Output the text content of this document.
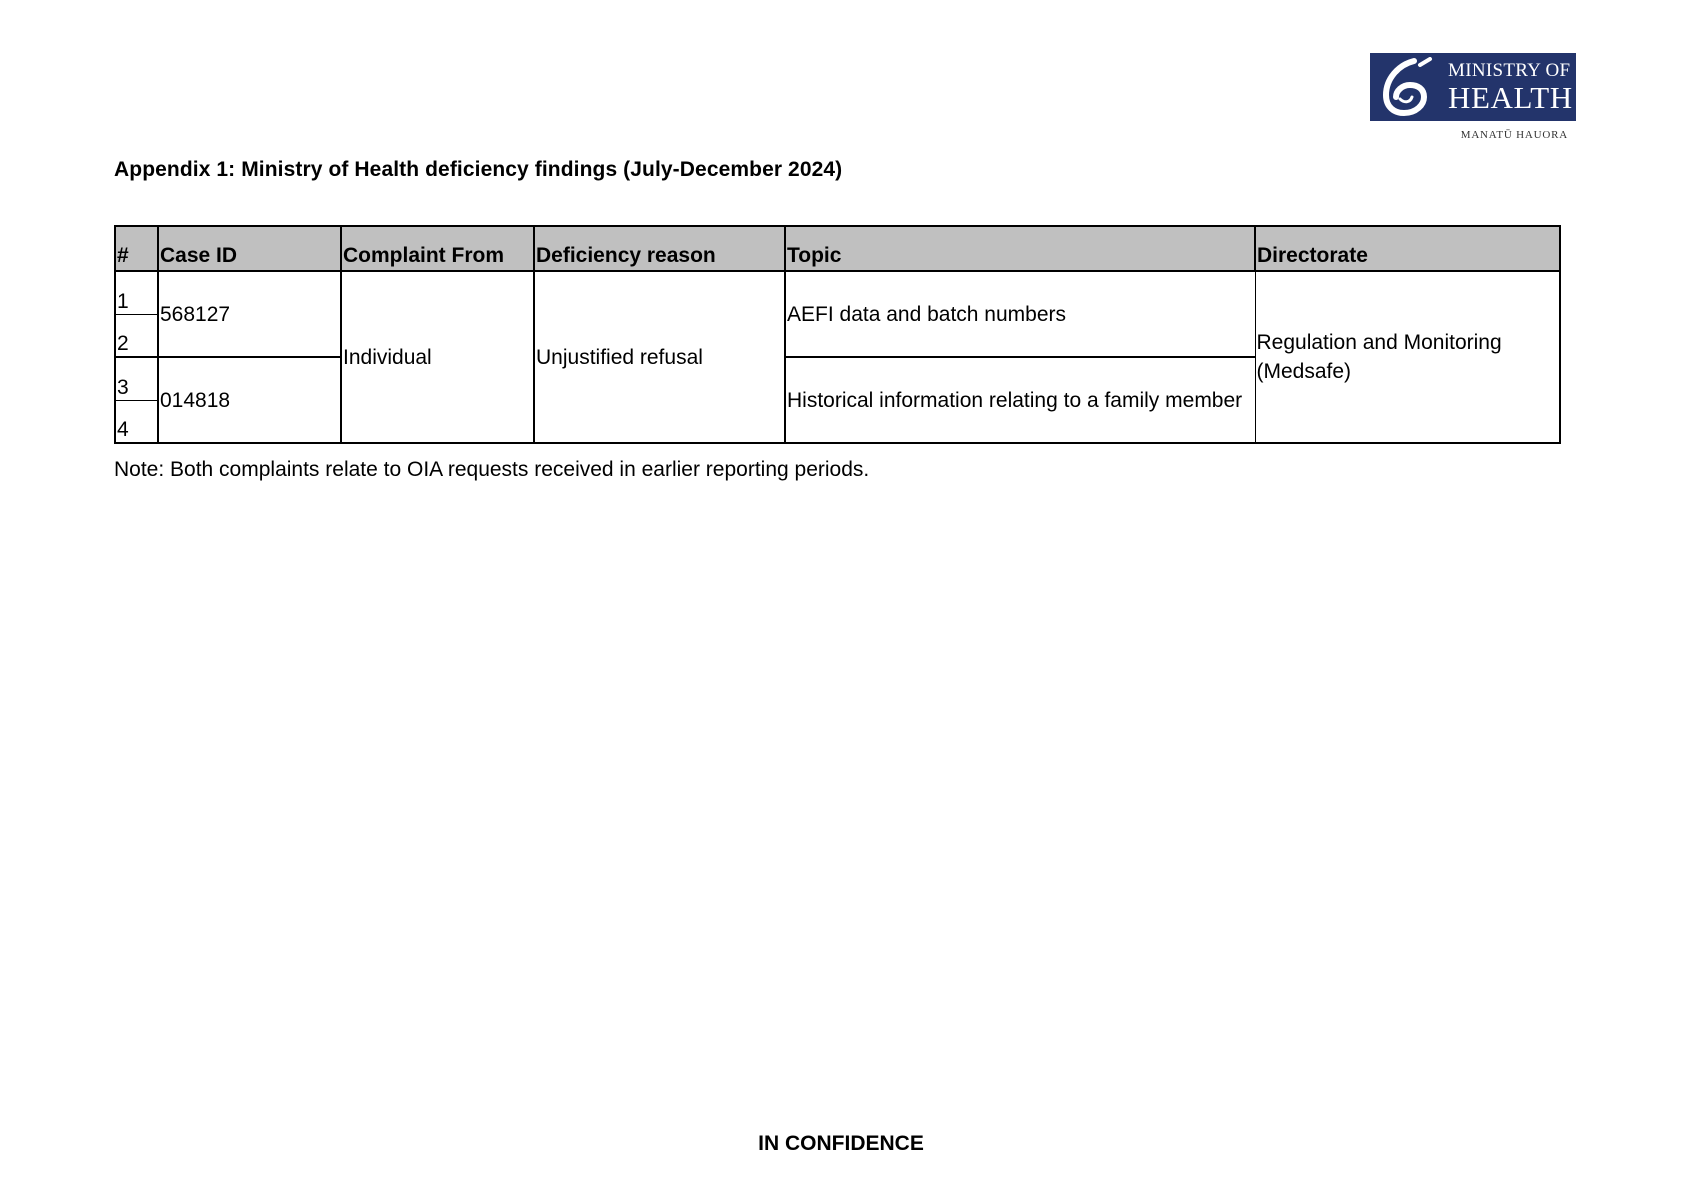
MINISTRY OF
HEALTH
MANATŪ HAUORA
Appendix 1: Ministry of Health deficiency findings (July-December 2024)
#	Case ID	Complaint From	Deficiency reason	Topic	Directorate
1	568127	Individual	Unjustified refusal	AEFI data and batch numbers	Regulation and Monitoring (Medsafe)
2					
3	014818			Historical information relating to a family member	
4					
Note: Both complaints relate to OIA requests received in earlier reporting periods.
IN CONFIDENCE
